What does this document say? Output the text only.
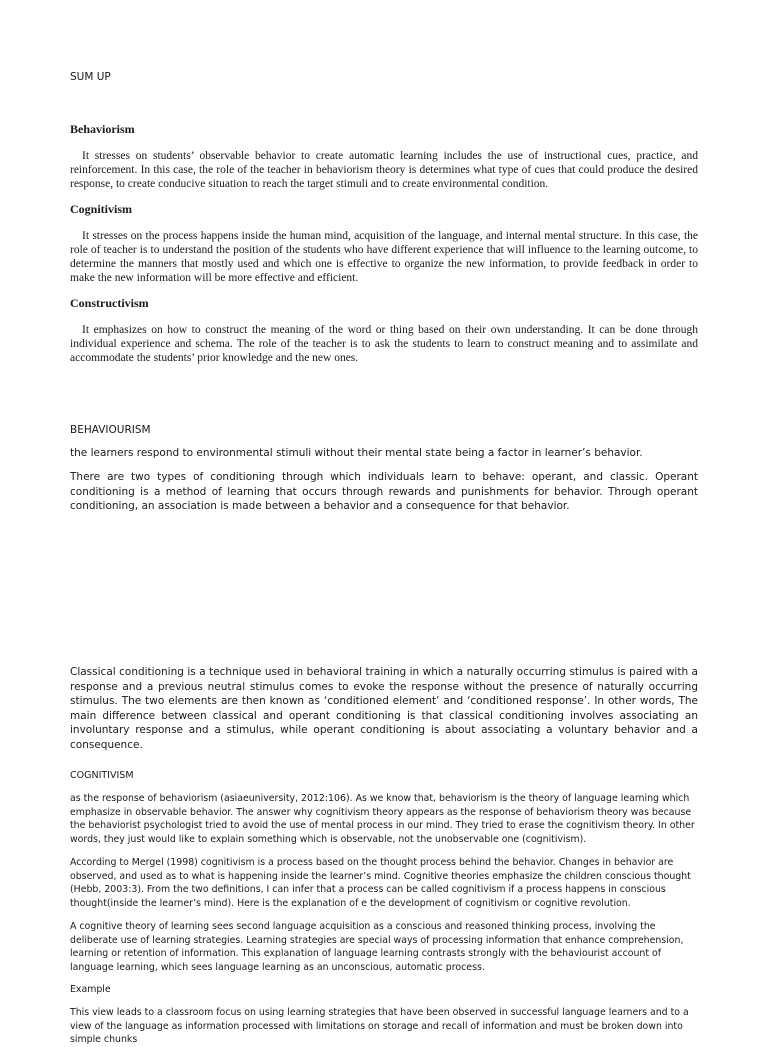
SUM UP
Behaviorism

It stresses on students’ observable behavior to create automatic learning includes the use of instructional cues, practice, and reinforcement. In this case, the role of the teacher in behaviorism theory is determines what type of cues that could produce the desired response, to create conducive situation to reach the target stimuli and to create environmental condition.

Cognitivism

It stresses on the process happens inside the human mind, acquisition of the language, and internal mental structure. In this case, the role of teacher is to understand the position of the students who have different experience that will influence to the learning outcome, to determine the manners that mostly used and which one is effective to organize the new information, to provide feedback in order to make the new information will be more effective and efficient.

Constructivism

It emphasizes on how to construct the meaning of the word or thing based on their own understanding. It can be done through individual experience and schema. The role of the teacher is to ask the students to learn to construct meaning and to assimilate and accommodate the students’ prior knowledge and the new ones.

BEHAVIOURISM

the learners respond to environmental stimuli without their mental state being a factor in learner’s behavior.

There are two types of conditioning through which individuals learn to behave: operant, and classic. Operant conditioning is a method of learning that occurs through rewards and punishments for behavior. Through operant conditioning, an association is made between a behavior and a consequence for that behavior.

Classical conditioning is a technique used in behavioral training in which a naturally occurring stimulus is paired with a response and a previous neutral stimulus comes to evoke the response without the presence of naturally occurring stimulus. The two elements are then known as ‘conditioned element’ and ‘conditioned response’. In other words, The main difference between classical and operant conditioning is that classical conditioning involves associating an involuntary response and a stimulus, while operant conditioning is about associating a voluntary behavior and a consequence.

COGNITIVISM

as the response of behaviorism (asiaeuniversity, 2012:106). As we know that, behaviorism is the theory of language learning which emphasize in observable behavior. The answer why cognitivism theory appears as the response of behaviorism theory was because the behaviorist psychologist tried to avoid the use of mental process in our mind. They tried to erase the cognitivism theory. In other words, they just would like to explain something which is observable, not the unobservable one (cognitivism).

According to Mergel (1998) cognitivism is a process based on the thought process behind the behavior. Changes in behavior are observed, and used as to what is happening inside the learner’s mind. Cognitive theories emphasize the children conscious thought (Hebb, 2003:3). From the two definitions, I can infer that a process can be called cognitivism if a process happens in conscious thought(inside the learner’s mind). Here is the explanation of e the development of cognitivism or cognitive revolution.

A cognitive theory of learning sees second language acquisition as a conscious and reasoned thinking process, involving the deliberate use of learning strategies. Learning strategies are special ways of processing information that enhance comprehension, learning or retention of information. This explanation of language learning contrasts strongly with the behaviourist account of language learning, which sees language learning as an unconscious, automatic process.

Example

This view leads to a classroom focus on using learning strategies that have been observed in successful language learners and to a view of the language as information processed with limitations on storage and recall of information and must be broken down into simple chunks
